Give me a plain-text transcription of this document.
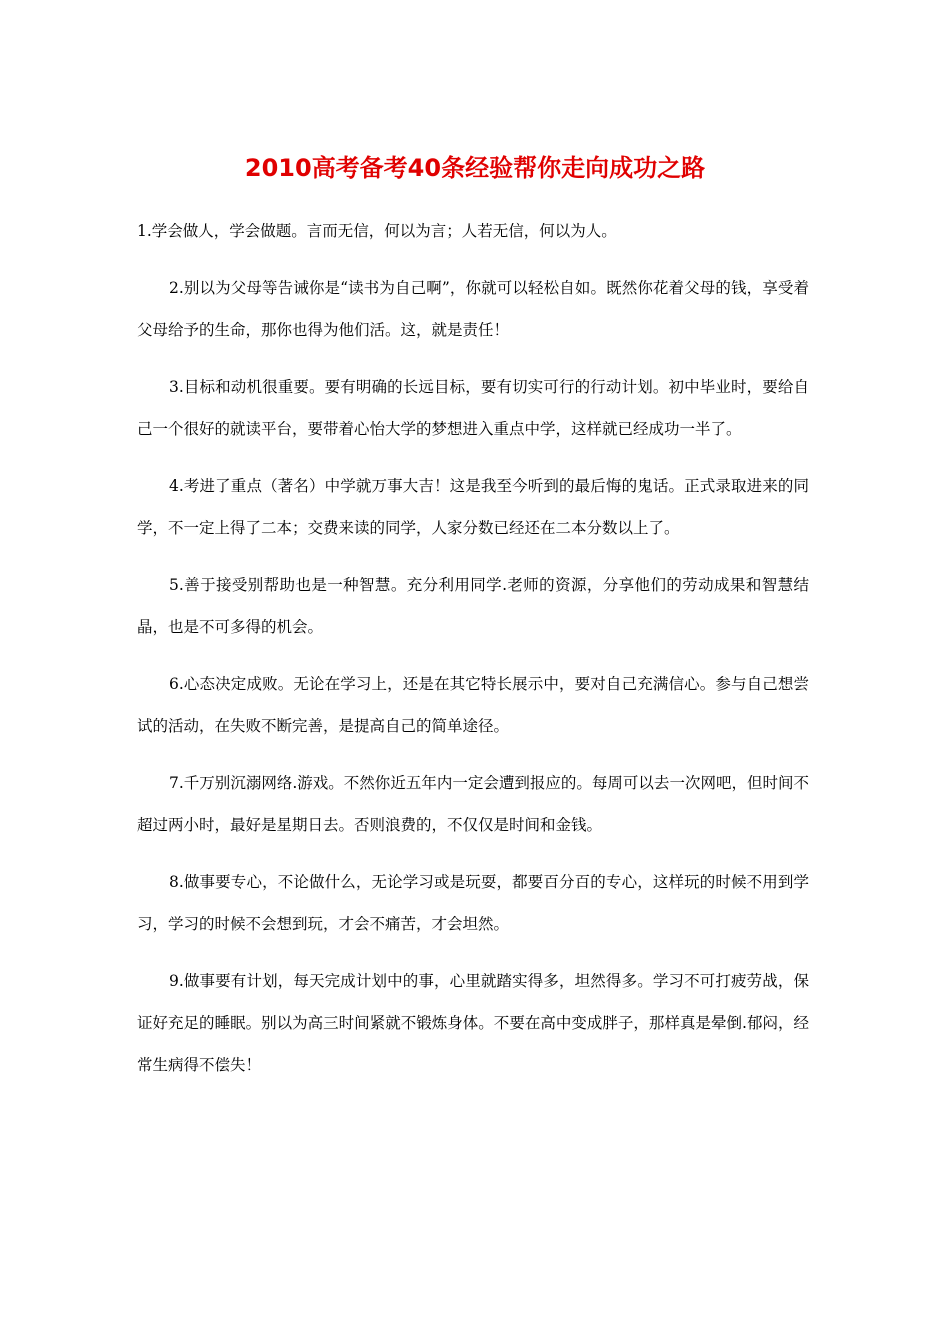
2010高考备考40条经验帮你走向成功之路

1.学会做人，学会做题。言而无信，何以为言；人若无信，何以为人。

2.别以为父母等告诫你是“读书为自己啊”，你就可以轻松自如。既然你花着父母的钱，享受着父母给予的生命，那你也得为他们活。这，就是责任！

3.目标和动机很重要。要有明确的长远目标，要有切实可行的行动计划。初中毕业时，要给自己一个很好的就读平台，要带着心怡大学的梦想进入重点中学，这样就已经成功一半了。

4.考进了重点（著名）中学就万事大吉！这是我至今听到的最后悔的鬼话。正式录取进来的同学，不一定上得了二本；交费来读的同学，人家分数已经还在二本分数以上了。

5.善于接受别帮助也是一种智慧。充分利用同学.老师的资源，分享他们的劳动成果和智慧结晶，也是不可多得的机会。

6.心态决定成败。无论在学习上，还是在其它特长展示中，要对自己充满信心。参与自己想尝试的活动，在失败不断完善，是提高自己的简单途径。

7.千万别沉溺网络.游戏。不然你近五年内一定会遭到报应的。每周可以去一次网吧，但时间不超过两小时，最好是星期日去。否则浪费的，不仅仅是时间和金钱。

8.做事要专心，不论做什么，无论学习或是玩耍，都要百分百的专心，这样玩的时候不用到学习，学习的时候不会想到玩，才会不痛苦，才会坦然。

9.做事要有计划，每天完成计划中的事，心里就踏实得多，坦然得多。学习不可打疲劳战，保证好充足的睡眠。别以为高三时间紧就不锻炼身体。不要在高中变成胖子，那样真是晕倒.郁闷，经常生病得不偿失！
